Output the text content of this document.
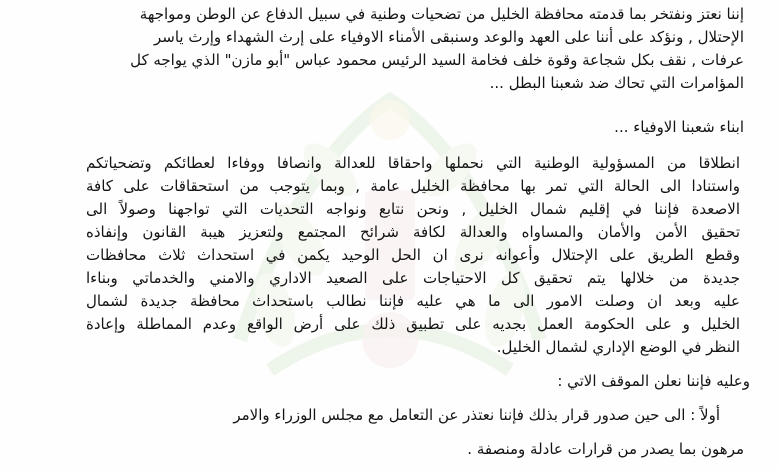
إننا نعتز ونفتخر بما قدمته محافظة الخليل من تضحيات وطنية في سبيل الدفاع عن الوطن ومواجهة
الإحتلال , ونؤكد على أننا على العهد والوعد وسنبقى الأمناء الاوفياء على إرث الشهداء وإرث ياسر
عرفات , نقف بكل شجاعة وقوة خلف فخامة السيد الرئيس محمود عباس "أبو مازن" الذي يواجه كل
المؤامرات التي تحاك ضد شعبنا البطل ...
ابناء شعبنا الاوفياء ...
انطلاقا من المسؤولية الوطنية التي نحملها واحقاقا للعدالة وانصافا ووفاءا لعطائكم وتضحياتكم
واستنادا الى الحالة التي تمر بها محافظة الخليل عامة , وبما يتوجب من استحقاقات على كافة
الاصعدة فإننا في إقليم شمال الخليل , ونحن نتابع ونواجه التحديات التي تواجهنا وصولاً الى
تحقيق الأمن والأمان والمساواه والعدالة لكافة شرائح المجتمع ولتعزيز هيبة القانون وإنفاذه
وقطع الطريق على الإحتلال وأعوانه نرى ان الحل الوحيد يكمن في استحداث ثلاث محافظات
جديدة من خلالها يتم تحقيق كل الاحتياجات على الصعيد الاداري والامني والخدماتي وبناءا
عليه وبعد ان وصلت الامور الى ما هي عليه فإننا نطالب باستحداث محافظة جديدة لشمال
الخليل و على الحكومة العمل بجديه على تطبيق ذلك على أرض الواقع وعدم المماطلة وإعادة
النظر في الوضع الإداري لشمال الخليل.
وعليه فإننا نعلن الموقف الاتي :
أولاً : الى حين صدور قرار بذلك فإننا نعتذر عن التعامل مع مجلس الوزراء والامر
مرهون بما يصدر من قرارات عادلة ومنصفة .
